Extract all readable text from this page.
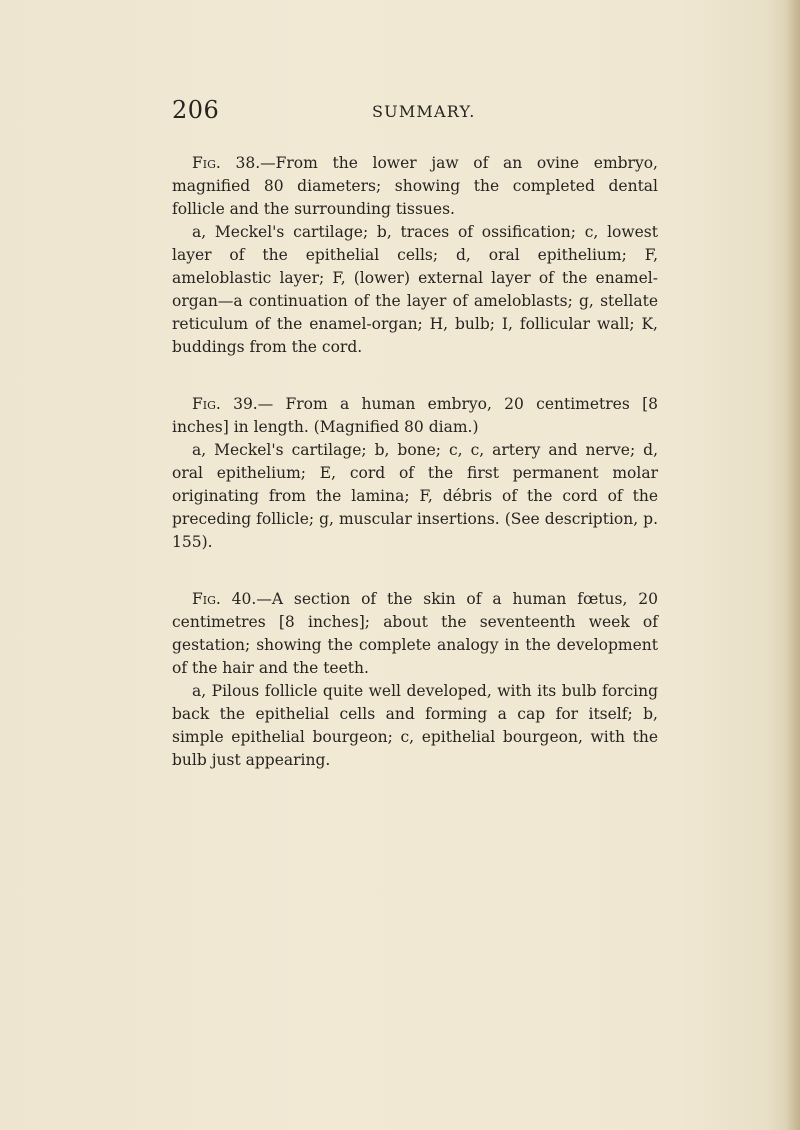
206	SUMMARY.

Fig. 38.—From the lower jaw of an ovine embryo, magnified 80 diameters; showing the completed dental follicle and the surrounding tissues.

a, Meckel's cartilage; b, traces of ossification; c, lowest layer of the epithelial cells; d, oral epithelium; F, ameloblastic layer; F, (lower) external layer of the enamel-organ—a continuation of the layer of ameloblasts; g, stellate reticulum of the enamel-organ; H, bulb; I, follicular wall; K, buddings from the cord.

Fig. 39.— From a human embryo, 20 centimetres [8 inches] in length. (Magnified 80 diam.)

a, Meckel's cartilage; b, bone; c, c, artery and nerve; d, oral epithelium; E, cord of the first permanent molar originating from the lamina; F, débris of the cord of the preceding follicle; g, muscular insertions. (See description, p. 155).

Fig. 40.—A section of the skin of a human fœtus, 20 centimetres [8 inches]; about the seventeenth week of gestation; showing the complete analogy in the development of the hair and the teeth.

a, Pilous follicle quite well developed, with its bulb forcing back the epithelial cells and forming a cap for itself; b, simple epithelial bourgeon; c, epithelial bourgeon, with the bulb just appearing.
